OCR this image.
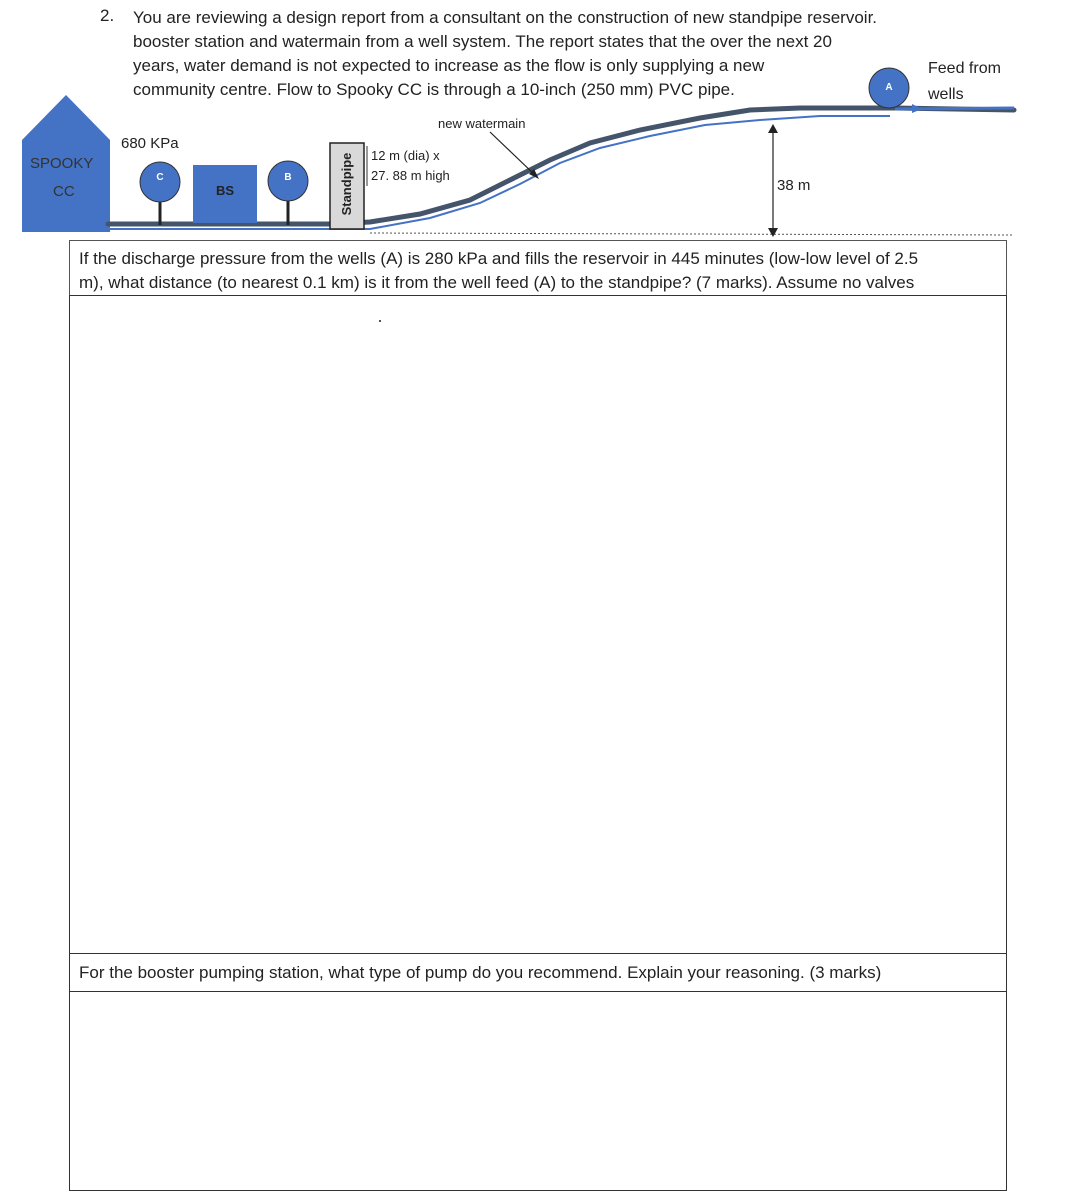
2. You are reviewing a design report from a consultant on the construction of new standpipe reservoir.
booster station and watermain from a well system. The report states that the over the next 20
years, water demand is not expected to increase as the flow is only supplying a new
community centre. Flow to Spooky CC is through a 10-inch (250 mm) PVC pipe.
SPOOKY
CC
680 KPa
C
BS
B	Standpipe 12 m (dia) x
27. 88 m high
new watermain
38 m
A
Feed from
wells
If the discharge pressure from the wells (A) is 280 kPa and fills the reservoir in 445 minutes (low-low level of 2.5
m), what distance (to nearest 0.1 km) is it from the well feed (A) to the standpipe? (7 marks). Assume no valves
For the booster pumping station, what type of pump do you recommend. Explain your reasoning. (3 marks)
